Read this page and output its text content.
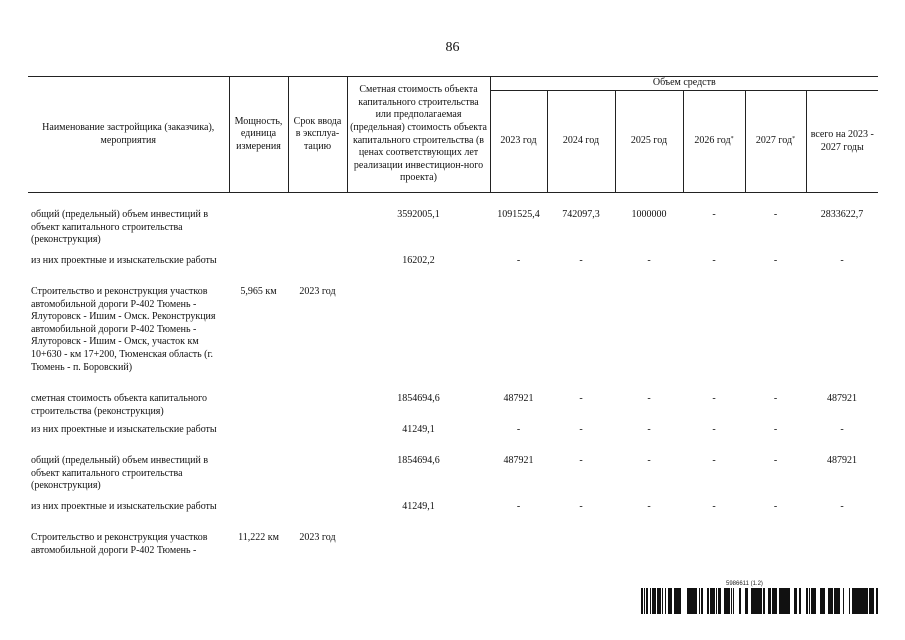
86
Наименование застройщика (заказчика), мероприятия	Мощность, единица измерения	Срок ввода в эксплуа-тацию	Сметная стоимость объекта капитального строительства или предполагаемая (предельная) стоимость объекта капитального строительства (в ценах соответствующих лет реализации инвестицион-ного проекта)	Объем средств					
				2023 год	2024 год	2025 год	2026 год*	2027 год*	всего на 2023 - 2027 годы

общий (предельный) объем инвестиций в объект капитального строительства (реконструкция)			3592005,1	1091525,4	742097,3	1000000	-	-	2833622,7
из них проектные и изыскательские работы			16202,2	-	-	-	-	-	-
Строительство и реконструкция участков автомобильной дороги Р-402 Тюмень - Ялуторовск - Ишим - Омск. Реконструкция автомобильной дороги Р-402 Тюмень - Ялуторовск - Ишим - Омск, участок км 10+630 - км 17+200, Тюменская область (г. Тюмень - п. Боровский)	5,965 км	2023 год							
сметная стоимость объекта капитального строительства (реконструкция)			1854694,6	487921	-	-	-	-	487921
из них проектные и изыскательские работы			41249,1	-	-	-	-	-	-
общий (предельный) объем инвестиций в объект капитального строительства (реконструкция)			1854694,6	487921	-	-	-	-	487921
из них проектные и изыскательские работы			41249,1	-	-	-	-	-	-
Строительство и реконструкция участков автомобильной дороги Р-402 Тюмень -	11,222 км	2023 год							
5986611 (1.2)
